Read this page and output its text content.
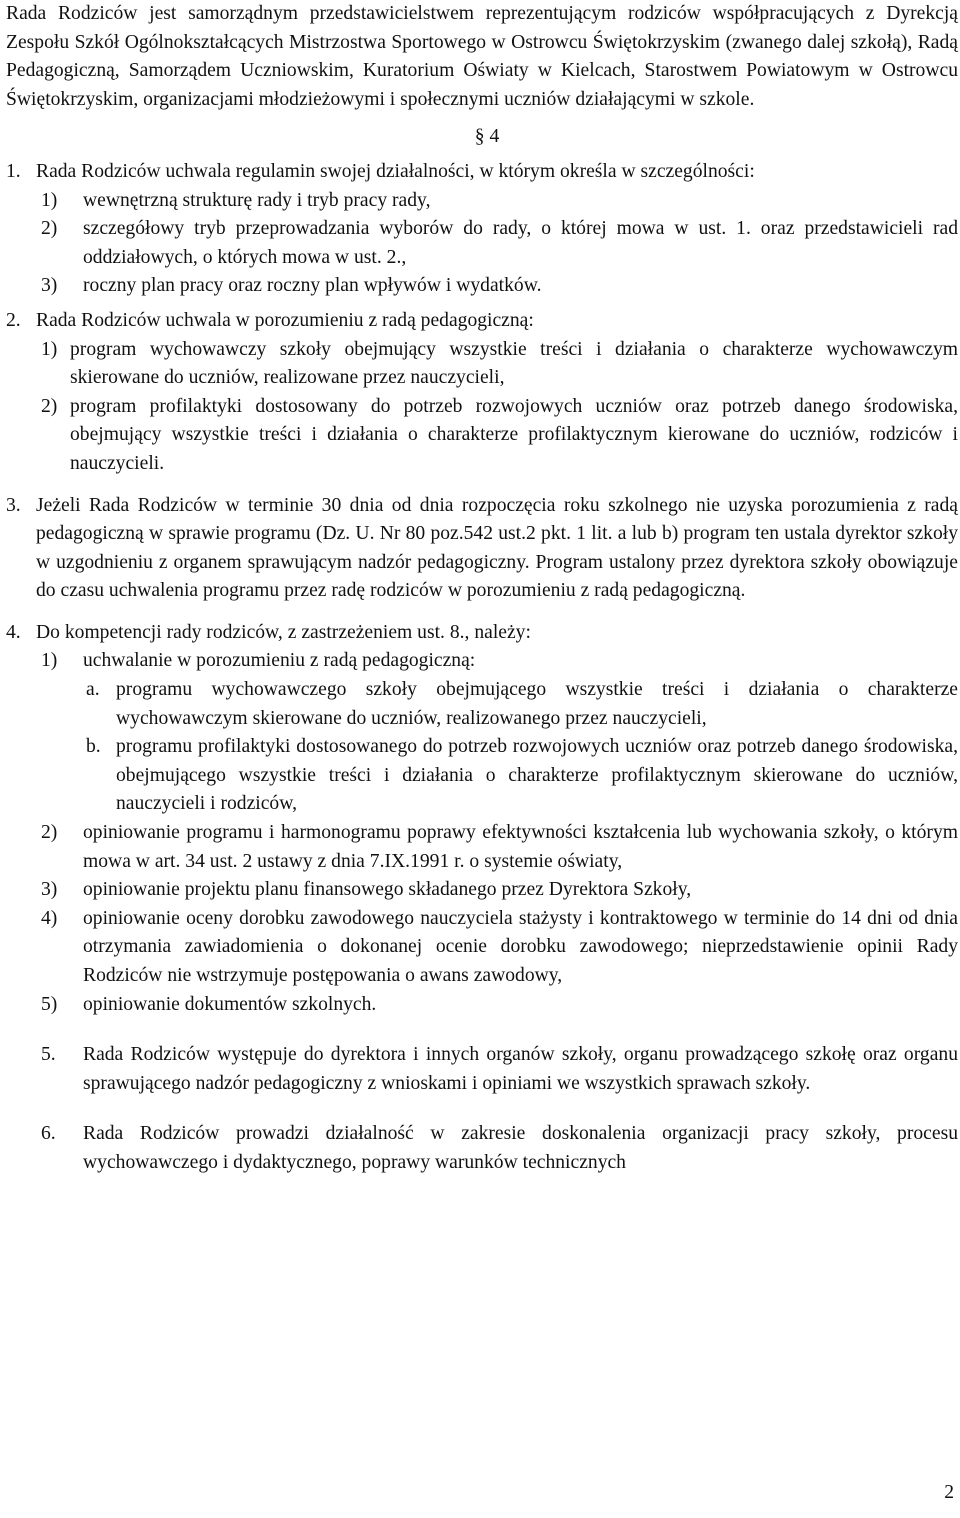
Rada Rodziców jest samorządnym przedstawicielstwem reprezentującym rodziców współpracujących z Dyrekcją Zespołu Szkół Ogólnokształcących Mistrzostwa Sportowego w Ostrowcu Świętokrzyskim (zwanego dalej szkołą), Radą Pedagogiczną, Samorządem Uczniowskim, Kuratorium Oświaty w Kielcach, Starostwem Powiatowym w Ostrowcu Świętokrzyskim, organizacjami młodzieżowymi i społecznymi uczniów działającymi w szkole.

§ 4
1. Rada Rodziców uchwala regulamin swojej działalności, w którym określa w szczególności:
1)	wewnętrzną strukturę rady i tryb pracy rady,
2)	szczegółowy tryb przeprowadzania wyborów do rady, o której mowa w ust. 1. oraz przedstawicieli rad oddziałowych, o których mowa w ust. 2.,
3)	roczny plan pracy oraz roczny plan wpływów i wydatków.
2. Rada Rodziców uchwala w porozumieniu z radą pedagogiczną:
1) program wychowawczy szkoły obejmujący wszystkie treści i działania o charakterze wychowawczym skierowane do uczniów, realizowane przez nauczycieli,
2) program profilaktyki dostosowany do potrzeb rozwojowych uczniów oraz potrzeb danego środowiska, obejmujący wszystkie treści i działania o charakterze profilaktycznym kierowane do uczniów, rodziców i nauczycieli.
3. Jeżeli Rada Rodziców w terminie 30 dnia od dnia rozpoczęcia roku szkolnego nie uzyska porozumienia z radą pedagogiczną w sprawie programu (Dz. U. Nr 80 poz.542 ust.2 pkt. 1 lit. a lub b) program ten ustala dyrektor szkoły w uzgodnieniu z organem sprawującym nadzór pedagogiczny. Program ustalony przez dyrektora szkoły obowiązuje do czasu uchwalenia programu przez radę rodziców w porozumieniu z radą pedagogiczną.
4. Do kompetencji rady rodziców, z zastrzeżeniem ust. 8., należy:
1)	uchwalanie w porozumieniu z radą pedagogiczną:
a. programu wychowawczego szkoły obejmującego wszystkie treści i działania o charakterze wychowawczym skierowane do uczniów, realizowanego przez nauczycieli,
b. programu profilaktyki dostosowanego do potrzeb rozwojowych uczniów oraz potrzeb danego środowiska, obejmującego wszystkie treści i działania o charakterze profilaktycznym skierowane do uczniów, nauczycieli i rodziców,
2)	opiniowanie programu i harmonogramu poprawy efektywności kształcenia lub wychowania szkoły, o którym mowa w art. 34 ust. 2 ustawy z dnia 7.IX.1991 r. o systemie oświaty,
3)	opiniowanie projektu planu finansowego składanego przez Dyrektora Szkoły,
4)	opiniowanie oceny dorobku zawodowego nauczyciela stażysty i kontraktowego w terminie do 14 dni od dnia otrzymania zawiadomienia o dokonanej ocenie dorobku zawodowego; nieprzedstawienie opinii Rady Rodziców nie wstrzymuje postępowania o awans zawodowy,
5)	opiniowanie dokumentów szkolnych.
5.	Rada Rodziców występuje do dyrektora i innych organów szkoły, organu prowadzącego szkołę oraz organu sprawującego nadzór pedagogiczny z wnioskami i opiniami we wszystkich sprawach szkoły.
6.	Rada Rodziców prowadzi działalność w zakresie doskonalenia organizacji pracy szkoły, procesu wychowawczego i dydaktycznego, poprawy warunków technicznych
2
